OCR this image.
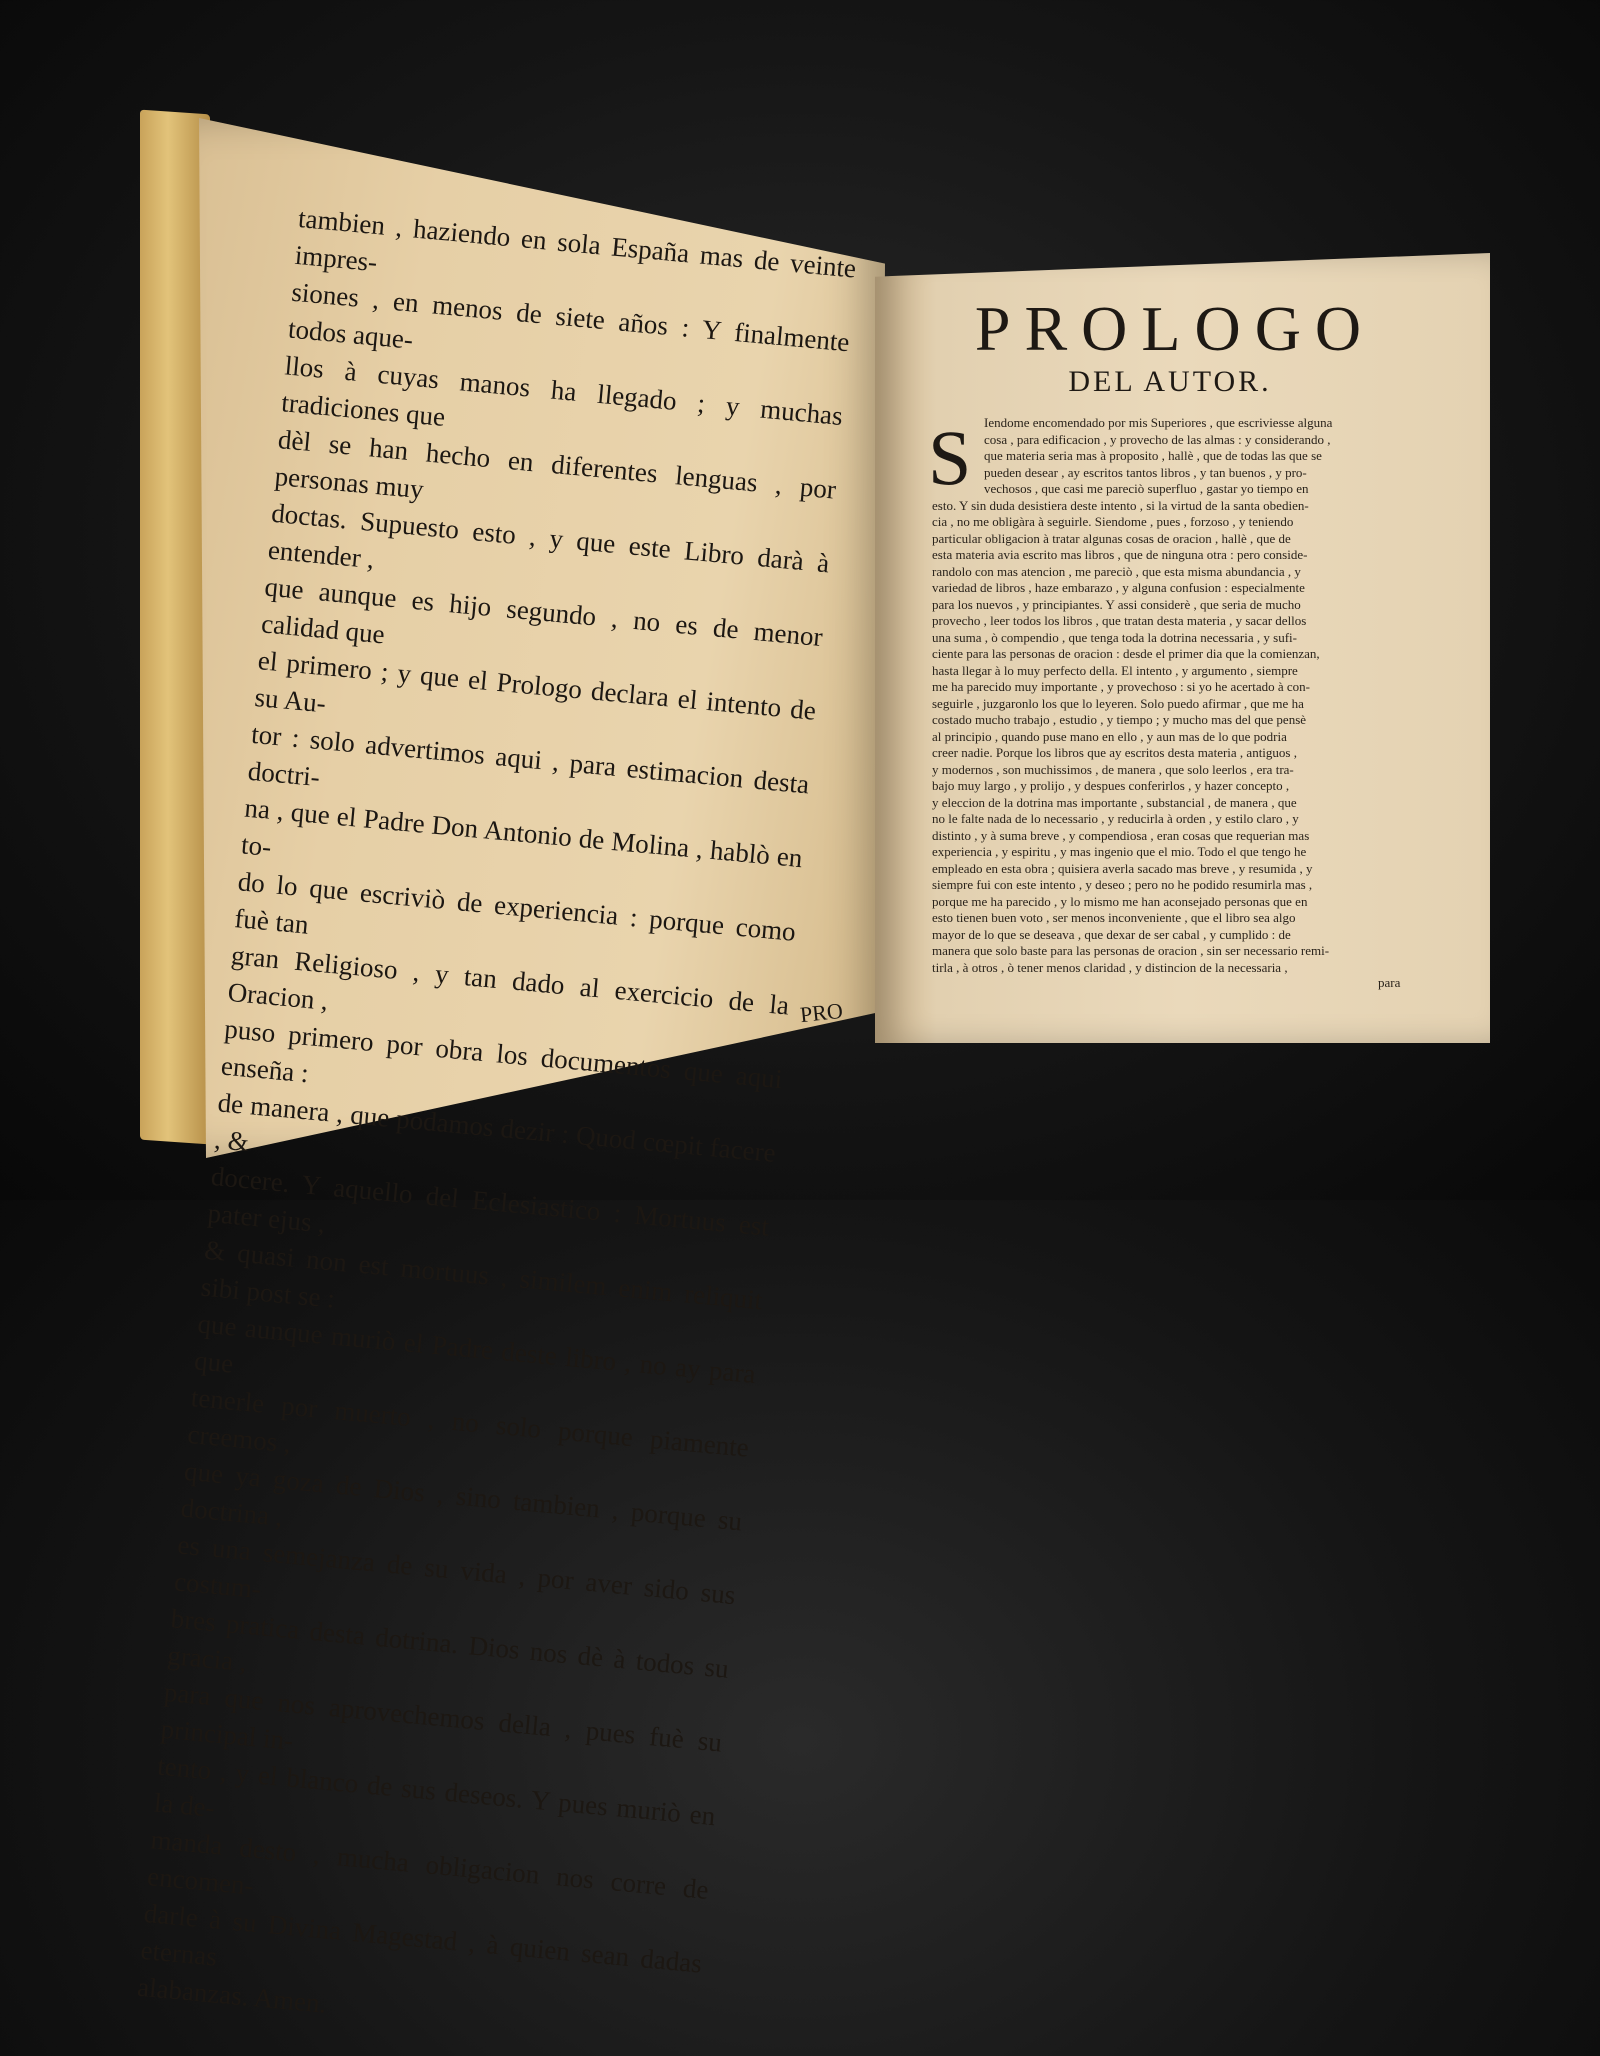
tambien , haziendo en sola España mas de veinte impres-
siones , en menos de siete años : Y finalmente todos aque-
llos à cuyas manos ha llegado ; y muchas tradiciones que
dèl se han hecho en diferentes lenguas , por personas muy
doctas. Supuesto esto , y que este Libro darà à entender ,
que aunque es hijo segundo , no es de menor calidad que
el primero ; y que el Prologo declara el intento de su Au-
tor : solo advertimos aqui , para estimacion desta doctri-
na , que el Padre Don Antonio de Molina , hablò en to-
do lo que escriviò de experiencia : porque como fuè tan
gran Religioso , y tan dado al exercicio de la Oracion ,
puso primero por obra los documentos que aqui enseña :
de manera , que podamos dezir : Quod cœpit facere , &
docere. Y aquello del Eclesiastico : Mortuus est pater ejus ,
& quasi non est mortuus , similem enim reliquit sibi post se :
que aunque muriò el Padre deste libro , no ay para que
tenerle por muerto , no solo porque piamente creemos ,
que ya goza de Dios , sino tambien , porque su doctrina ,
es una semejanza de su vida , por aver sido sus costum-
bres pratica desta dotrina. Dios nos dè à todos su gracia ,
para que nos aprovechemos della , pues fuè su principal in-
tento , y el blanco de sus deseos. Y pues muriò en la de-
manda desto , mucha obligacion nos corre de encomen-
darle à su Divina Magestad , à quien sean dadas eternas
alabanzas. Amen.

PRO
PROLOGO
DEL AUTOR.
S Iendome encomendado por mis Superiores , que escriviesse alguna
cosa , para edificacion , y provecho de las almas : y considerando ,
que materia seria mas à proposito , hallè , que de todas las que se
pueden desear , ay escritos tantos libros , y tan buenos , y pro-
vechosos , que casi me pareciò superfluo , gastar yo tiempo en
esto. Y sin duda desistiera deste intento , si la virtud de la santa obedien-
cia , no me obligàra à seguirle. Siendome , pues , forzoso , y teniendo
particular obligacion à tratar algunas cosas de oracion , hallè , que de
esta materia avia escrito mas libros , que de ninguna otra : pero conside-
randolo con mas atencion , me pareciò , que esta misma abundancia , y
variedad de libros , haze embarazo , y alguna confusion : especialmente
para los nuevos , y principiantes. Y assi considerè , que seria de mucho
provecho , leer todos los libros , que tratan desta materia , y sacar dellos
una suma , ò compendio , que tenga toda la dotrina necessaria , y sufi-
ciente para las personas de oracion : desde el primer dia que la comienzan,
hasta llegar à lo muy perfecto della. El intento , y argumento , siempre
me ha parecido muy importante , y provechoso : si yo he acertado à con-
seguirle , juzgaronlo los que lo leyeren. Solo puedo afirmar , que me ha
costado mucho trabajo , estudio , y tiempo ; y mucho mas del que pensè
al principio , quando puse mano en ello , y aun mas de lo que podria
creer nadie. Porque los libros que ay escritos desta materia , antiguos ,
y modernos , son muchissimos , de manera , que solo leerlos , era tra-
bajo muy largo , y prolijo , y despues conferirlos , y hazer concepto ,
y eleccion de la dotrina mas importante , substancial , de manera , que
no le falte nada de lo necessario , y reducirla à orden , y estilo claro , y
distinto , y à suma breve , y compendiosa , eran cosas que requerian mas
experiencia , y espiritu , y mas ingenio que el mio. Todo el que tengo he
empleado en esta obra ; quisiera averla sacado mas breve , y resumida , y
siempre fui con este intento , y deseo ; pero no he podido resumirla mas ,
porque me ha parecido , y lo mismo me han aconsejado personas que en
esto tienen buen voto , ser menos inconveniente , que el libro sea algo
mayor de lo que se deseava , que dexar de ser cabal , y cumplido : de
manera que solo baste para las personas de oracion , sin ser necessario remi-
tirla , à otros , ò tener menos claridad , y distincion de la necessaria ,
para
